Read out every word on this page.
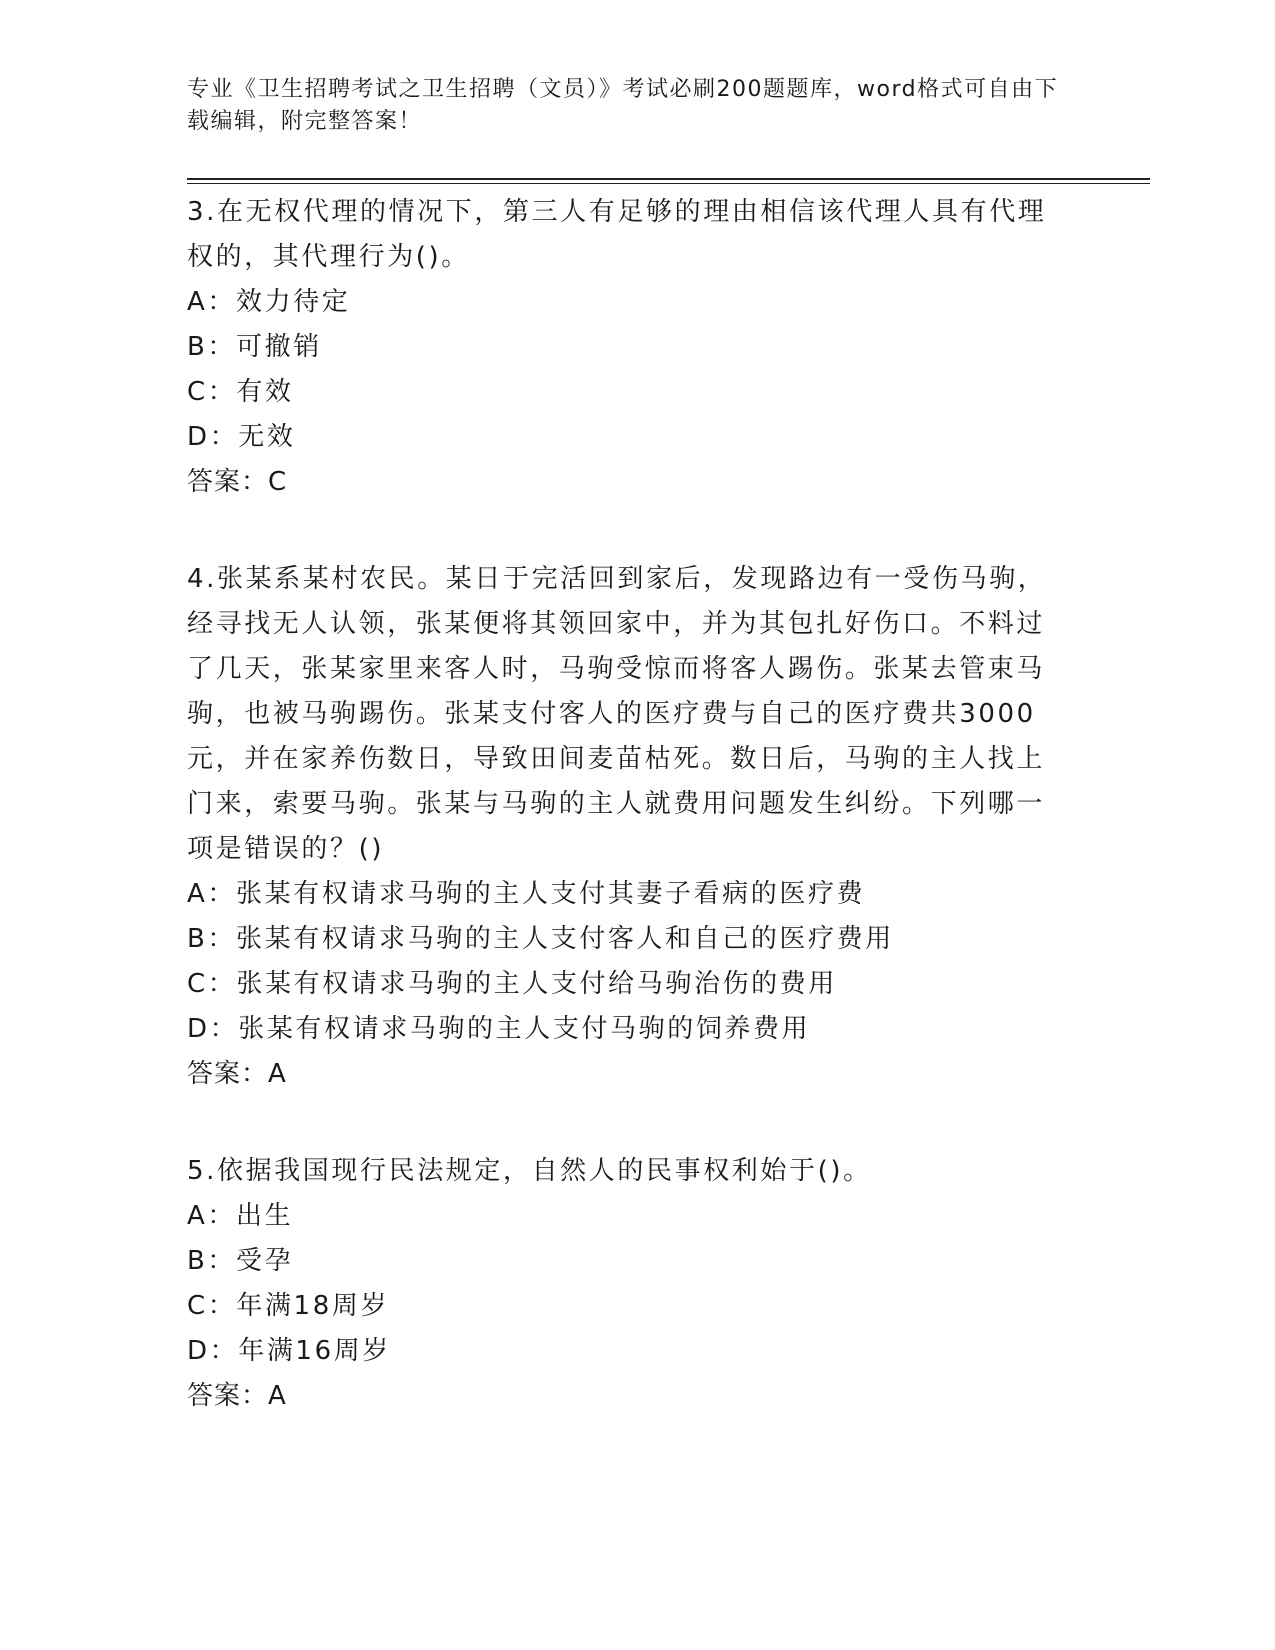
专业《卫生招聘考试之卫生招聘（文员）》考试必刷200题题库，word格式可自由下载编辑，附完整答案！
3.在无权代理的情况下，第三人有足够的理由相信该代理人具有代理权的，其代理行为()。
A：效力待定
B：可撤销
C：有效
D：无效
答案：C
4.张某系某村农民。某日于完活回到家后，发现路边有一受伤马驹，经寻找无人认领，张某便将其领回家中，并为其包扎好伤口。不料过了几天，张某家里来客人时，马驹受惊而将客人踢伤。张某去管束马驹，也被马驹踢伤。张某支付客人的医疗费与自己的医疗费共3000元，并在家养伤数日，导致田间麦苗枯死。数日后，马驹的主人找上门来，索要马驹。张某与马驹的主人就费用问题发生纠纷。下列哪一项是错误的？()
A：张某有权请求马驹的主人支付其妻子看病的医疗费
B：张某有权请求马驹的主人支付客人和自己的医疗费用
C：张某有权请求马驹的主人支付给马驹治伤的费用
D：张某有权请求马驹的主人支付马驹的饲养费用
答案：A
5.依据我国现行民法规定，自然人的民事权利始于()。
A：出生
B：受孕
C：年满18周岁
D：年满16周岁
答案：A
